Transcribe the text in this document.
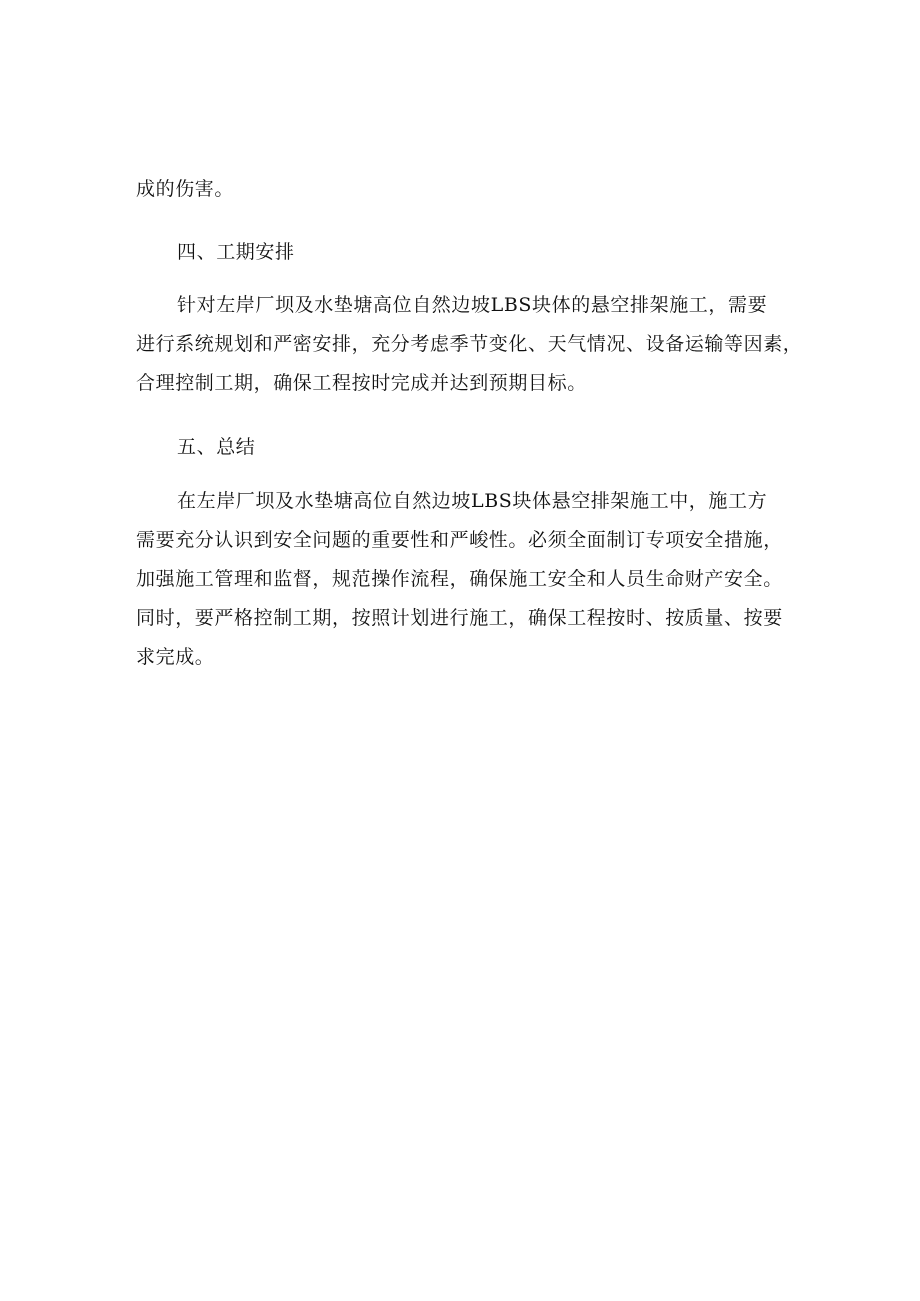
成的伤害。
四、工期安排
针对左岸厂坝及水垫塘高位自然边坡LBS块体的悬空排架施工，需要
进行系统规划和严密安排，充分考虑季节变化、天气情况、设备运输等因素，
合理控制工期，确保工程按时完成并达到预期目标。
五、总结
在左岸厂坝及水垫塘高位自然边坡LBS块体悬空排架施工中，施工方
需要充分认识到安全问题的重要性和严峻性。必须全面制订专项安全措施，
加强施工管理和监督，规范操作流程，确保施工安全和人员生命财产安全。
同时，要严格控制工期，按照计划进行施工，确保工程按时、按质量、按要
求完成。
